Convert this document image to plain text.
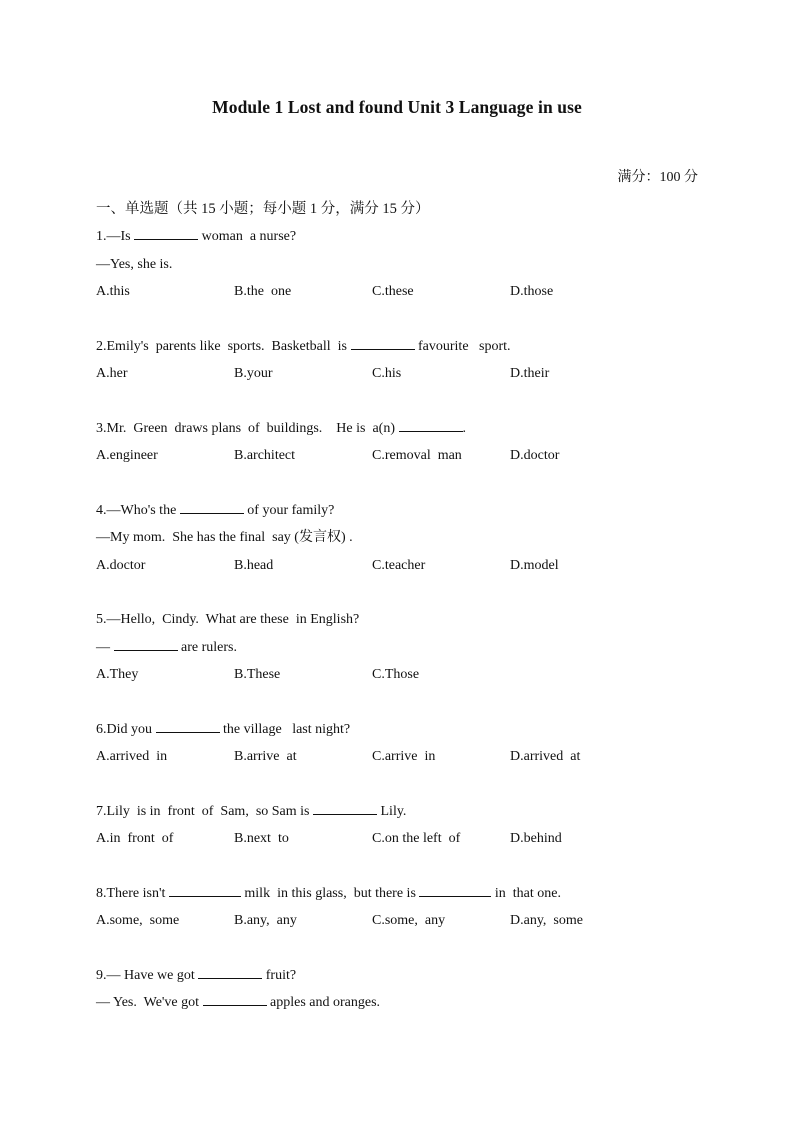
Module 1 Lost and found Unit 3 Language in use
满分：100 分
一、单选题（共 15 小题；每小题 1 分，满分 15 分）
1.—Is	woman  a nurse?
—Yes, she is.
A.this	B.the  one	C.these	D.those
2.Emily's  parents like  sports.  Basketball  is	favourite   sport.
A.her	B.your	C.his	D.their
3.Mr.  Green  draws plans  of  buildings.    He is  a(n)	.
A.engineer	B.architect	C.removal  man	D.doctor
4.—Who's the	of your family?
—My mom.  She has the final  say (发言权) .
A.doctor	B.head	C.teacher	D.model
5.—Hello,  Cindy.  What are these  in English?
—	are rulers.
A.They	B.These	C.Those
6.Did you	the village   last night?
A.arrived  in	B.arrive  at	C.arrive  in	D.arrived  at
7.Lily  is in  front  of  Sam,  so Sam is	Lily.
A.in  front  of	B.next  to	C.on the left  of	D.behind
8.There isn't	milk  in this glass,  but there is	in  that one.
A.some,  some	B.any,  any	C.some,  any	D.any,  some
9.— Have we got	fruit?
— Yes.  We've got	apples and oranges.
